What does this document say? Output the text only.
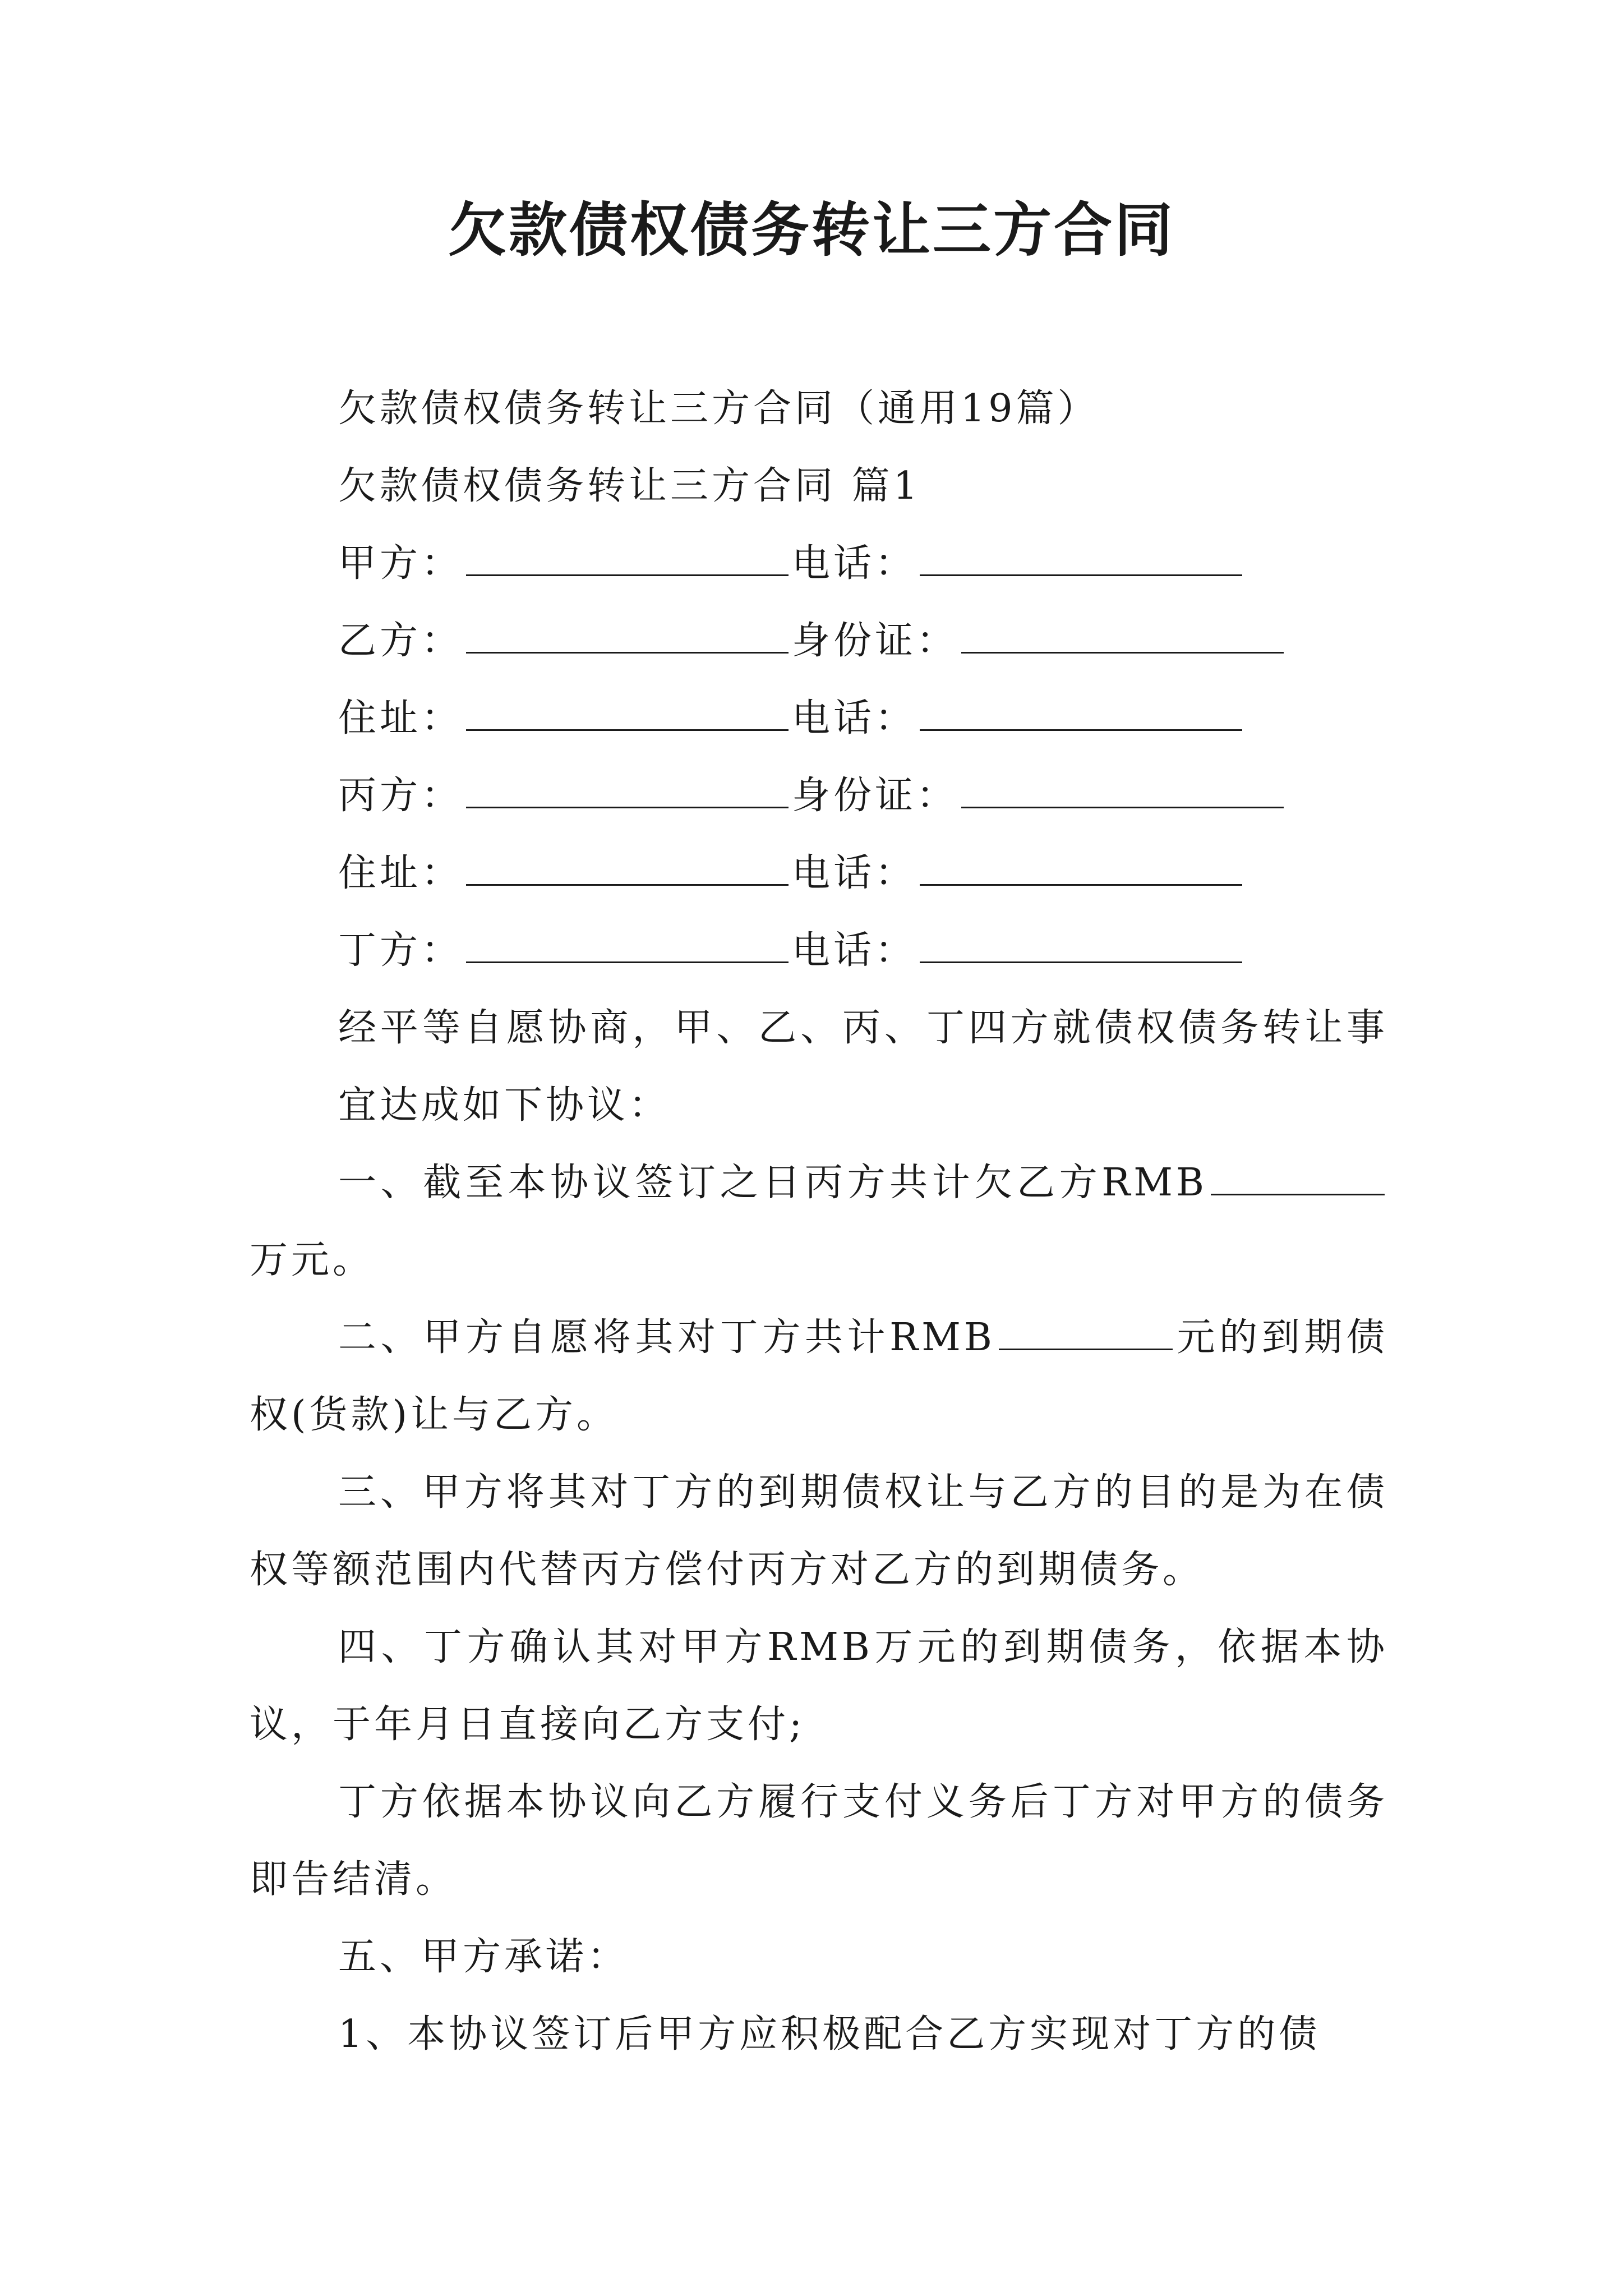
欠款债权债务转让三方合同
欠款债权债务转让三方合同（通用19篇）
欠款债权债务转让三方合同 篇1
甲方：	电话：
乙方：	身份证：
住址：	电话：
丙方：	身份证：
住址：	电话：
丁方：	电话：

经平等自愿协商，甲、乙、丙、丁四方就债权债务转让事宜达成如下协议：

一、截至本协议签订之日丙方共计欠乙方RMB万元。

二、甲方自愿将其对丁方共计RMB	元的到期债权(货款)让与乙方。

三、甲方将其对丁方的到期债权让与乙方的目的是为在债权等额范围内代替丙方偿付丙方对乙方的到期债务。

四、丁方确认其对甲方RMB万元的到期债务，依据本协议，于年月日直接向乙方支付;

丁方依据本协议向乙方履行支付义务后丁方对甲方的债务即告结清。

五、甲方承诺：

1、本协议签订后甲方应积极配合乙方实现对丁方的债
